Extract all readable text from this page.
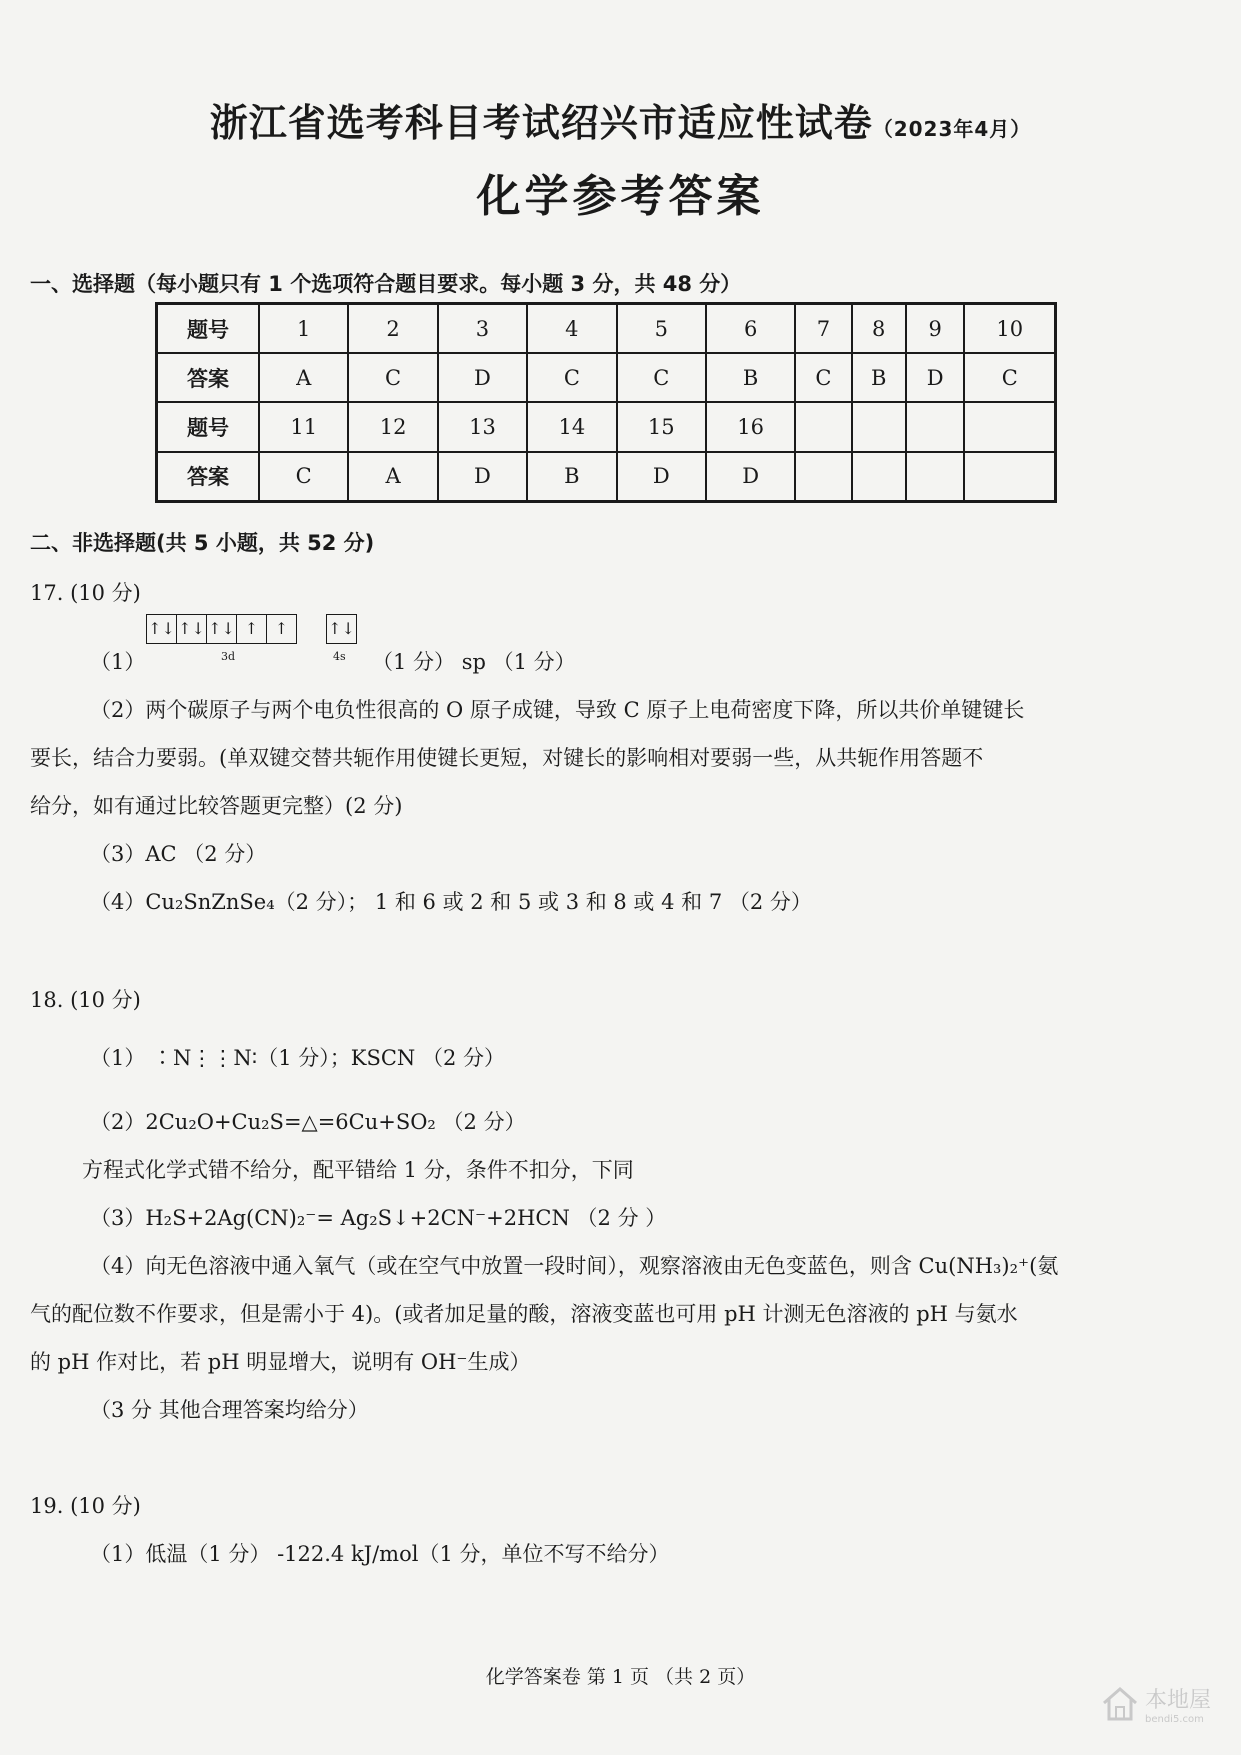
浙江省选考科目考试绍兴市适应性试卷（2023年4月）
化学参考答案
一、选择题（每小题只有 1 个选项符合题目要求。每小题 3 分，共 48 分）
题号	1	2	3	4	5	6	7	8	9	10
答案	A	C	D	C	C	B	C	B	D	C
题号	11	12	13	14	15	16				
答案	C	A	D	B	D	D				
二、非选择题(共 5 小题，共 52 分)
17. (10 分)
↑↓ ↑↓ ↑↓ ↑	↑	↑↓
3d	4s
（1）	（1 分） sp （1 分）
（2）两个碳原子与两个电负性很高的 O 原子成键，导致 C 原子上电荷密度下降，所以共价单键键长
要长，结合力要弱。(单双键交替共轭作用使键长更短，对键长的影响相对要弱一些，从共轭作用答题不
给分，如有通过比较答题更完整）(2 分)
（3）AC （2 分）
（4）Cu₂SnZnSe₄（2 分）； 1 和 6 或 2 和 5 或 3 和 8 或 4 和 7 （2 分）
18. (10 分)
（1） ∶N⋮⋮N∶（1 分）；KSCN （2 分）
（2）2Cu₂O+Cu₂S=△=6Cu+SO₂ （2 分）
方程式化学式错不给分，配平错给 1 分，条件不扣分，下同
（3）H₂S+2Ag(CN)₂⁻= Ag₂S↓+2CN⁻+2HCN （2 分 ）
（4）向无色溶液中通入氧气（或在空气中放置一段时间），观察溶液由无色变蓝色，则含 Cu(NH₃)₂⁺(氨
气的配位数不作要求，但是需小于 4)。(或者加足量的酸，溶液变蓝也可用 pH 计测无色溶液的 pH 与氨水
的 pH 作对比，若 pH 明显增大，说明有 OH⁻生成）
（3 分 其他合理答案均给分）
19. (10 分)
（1）低温（1 分） -122.4 kJ/mol（1 分，单位不写不给分）
化学答案卷 第 1 页 （共 2 页）
本地屋
bendi5.com
